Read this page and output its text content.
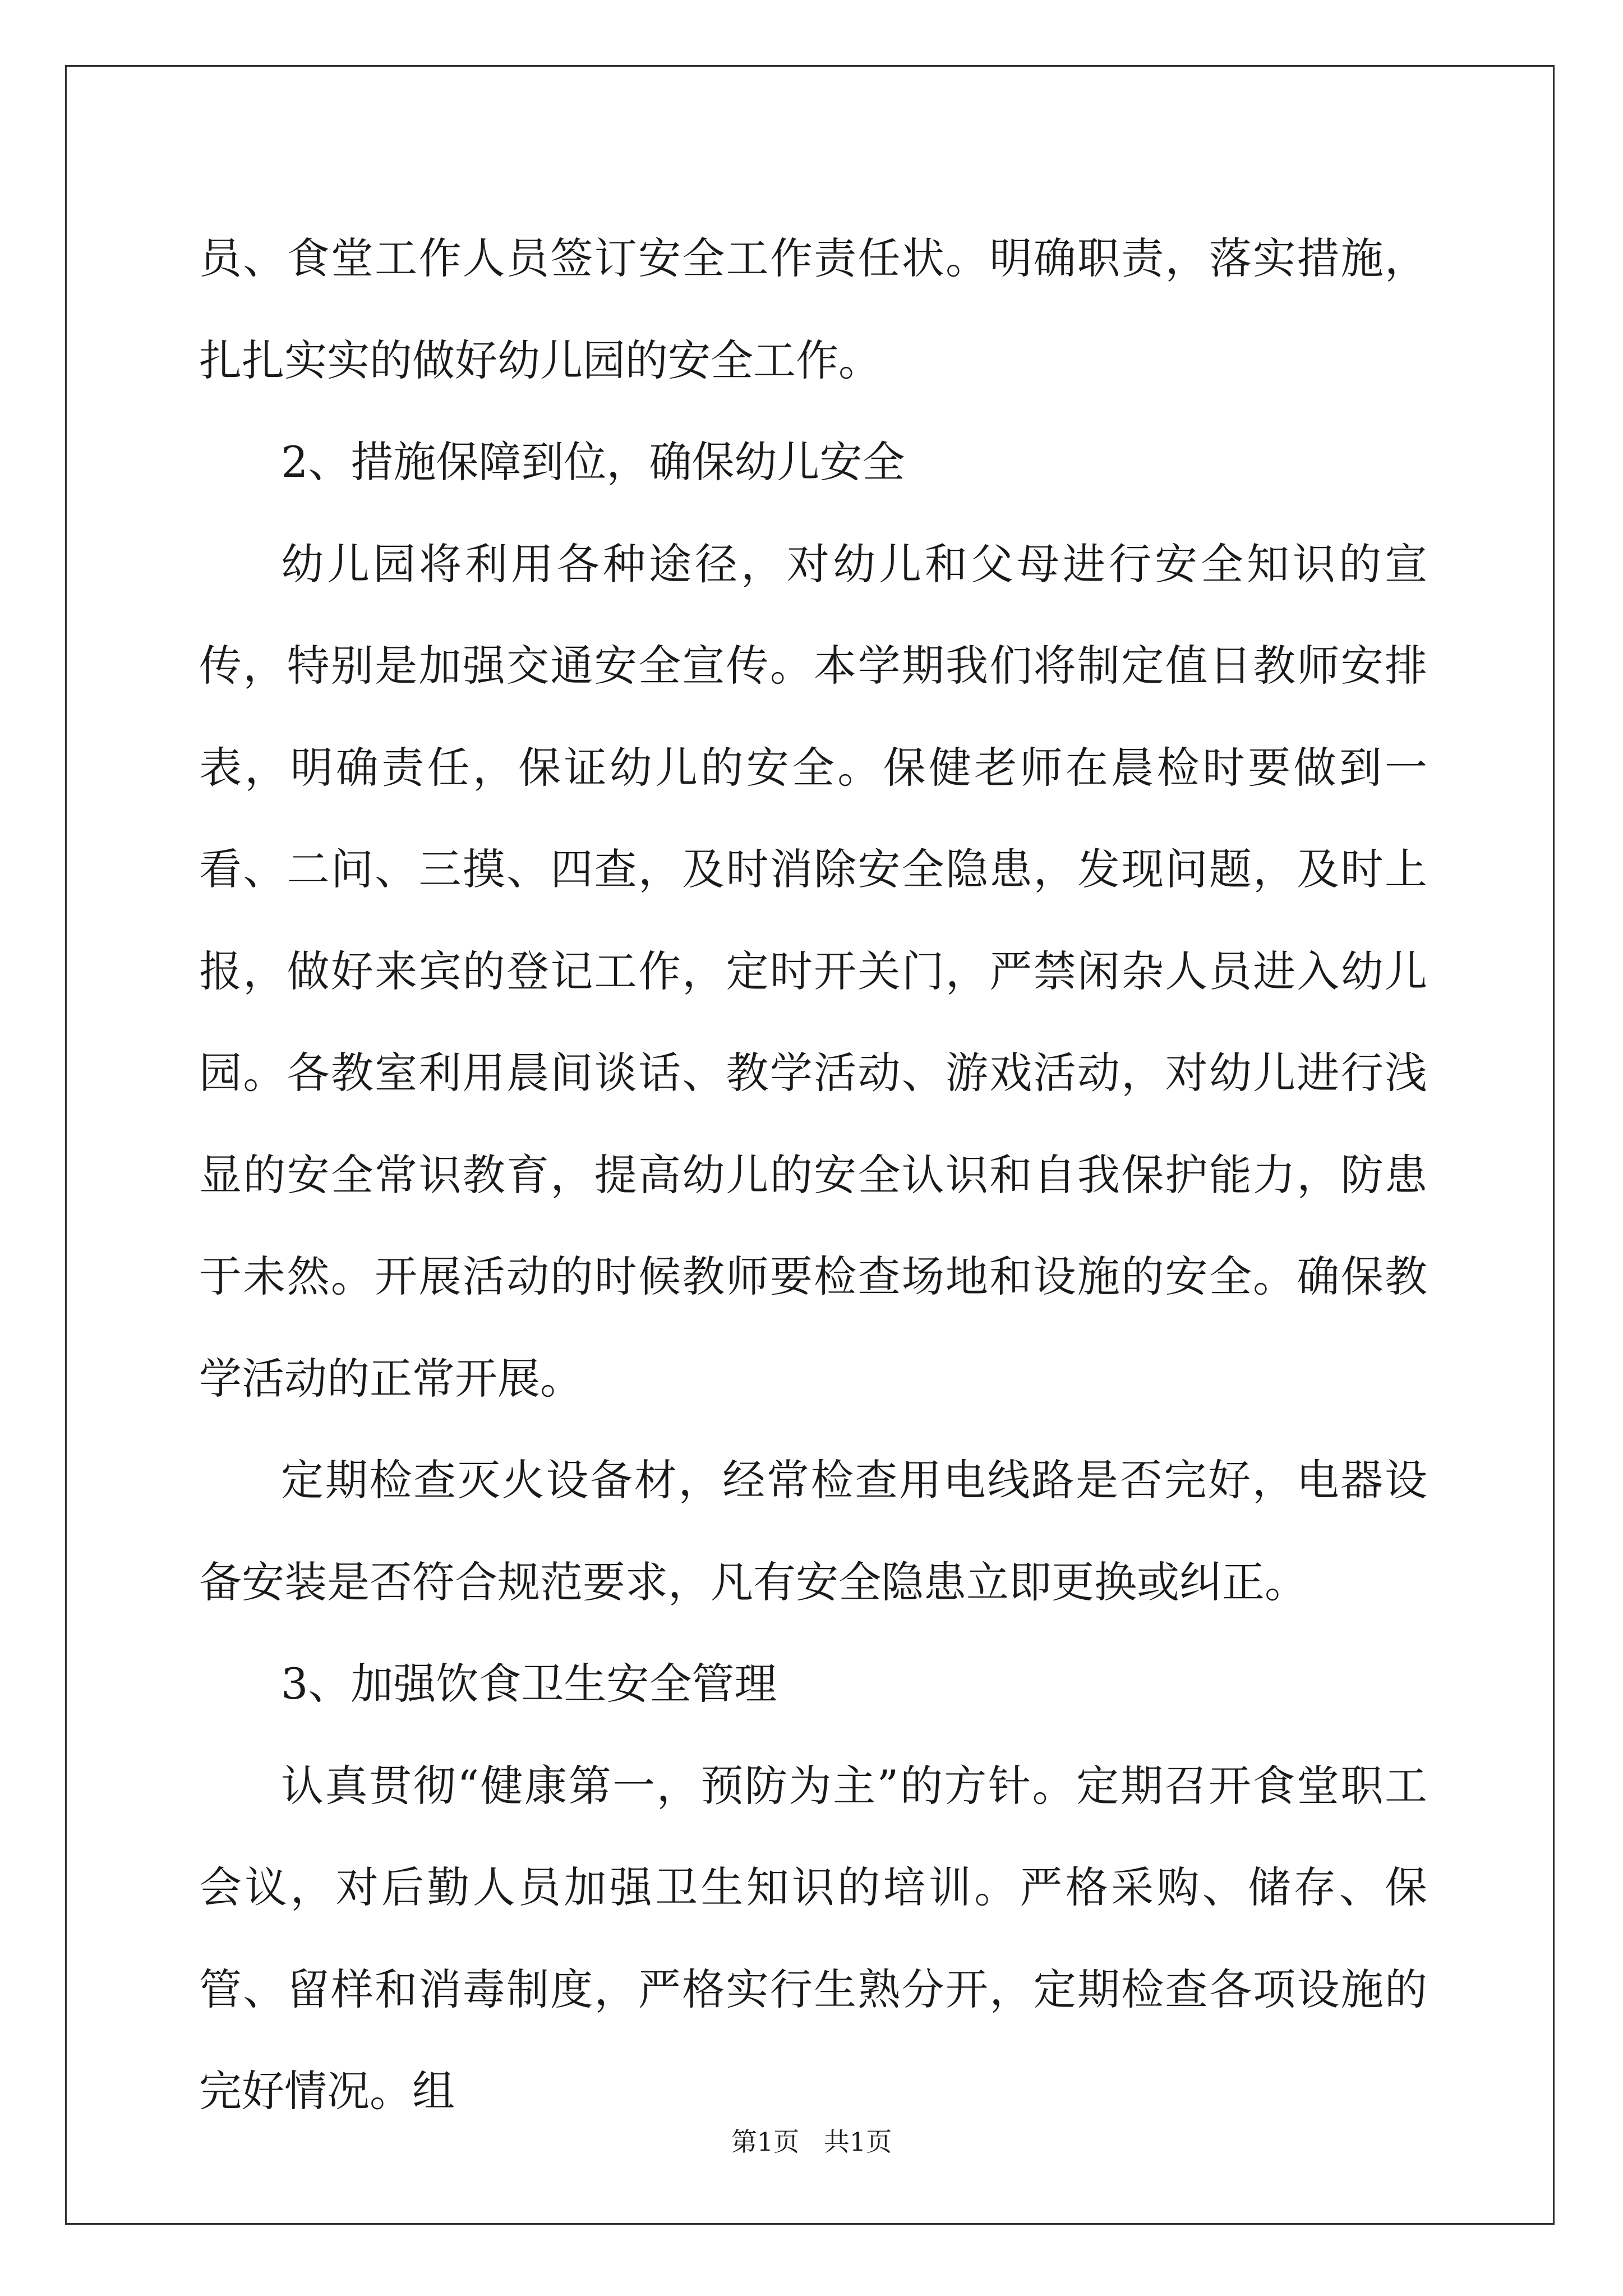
员、食堂工作人员签订安全工作责任状。明确职责，落实措施，扎扎实实的做好幼儿园的安全工作。

2、措施保障到位，确保幼儿安全

幼儿园将利用各种途径，对幼儿和父母进行安全知识的宣传，特别是加强交通安全宣传。本学期我们将制定值日教师安排表，明确责任，保证幼儿的安全。保健老师在晨检时要做到一看、二问、三摸、四查，及时消除安全隐患，发现问题，及时上报，做好来宾的登记工作，定时开关门，严禁闲杂人员进入幼儿园。各教室利用晨间谈话、教学活动、游戏活动，对幼儿进行浅显的安全常识教育，提高幼儿的安全认识和自我保护能力，防患于未然。开展活动的时候教师要检查场地和设施的安全。确保教学活动的正常开展。

定期检查灭火设备材，经常检查用电线路是否完好，电器设备安装是否符合规范要求，凡有安全隐患立即更换或纠正。

3、加强饮食卫生安全管理

认真贯彻“健康第一，预防为主”的方针。定期召开食堂职工会议，对后勤人员加强卫生知识的培训。严格采购、储存、保管、留样和消毒制度，严格实行生熟分开，定期检查各项设施的完好情况。组

第1页   共1页
